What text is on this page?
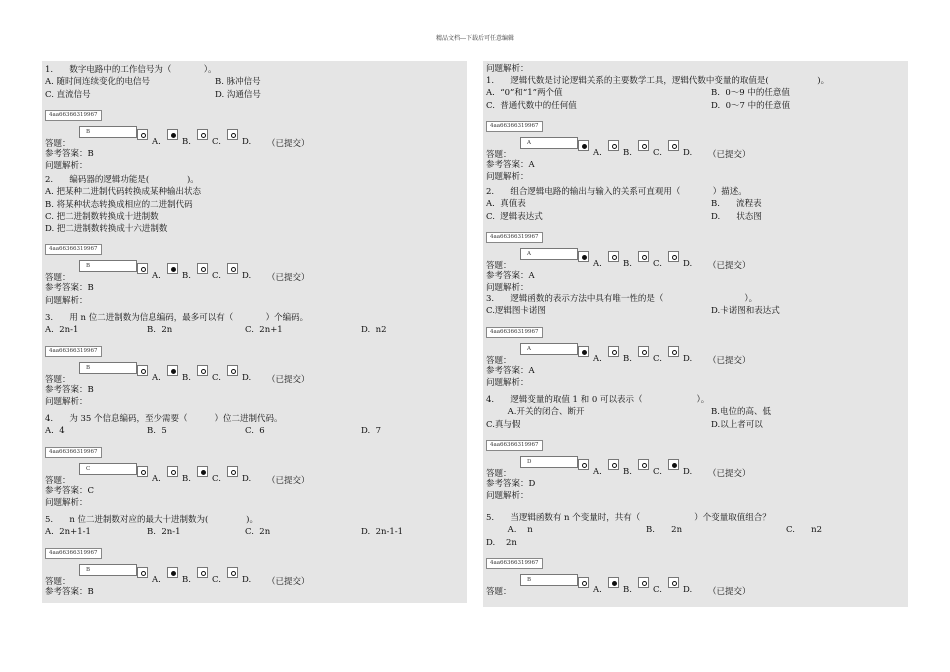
精品文档---下载后可任意编辑
1.      数字电路中的工作信号为（            ）。
A. 随时间连续变化的电信号	B. 脉冲信号
C. 直流信号	D. 沟通信号
4aa66366319967
答题：
B
A. B. C. D. （已提交）
参考答案：B
问题解析：
2.      编码器的逻辑功能是(              )。
A. 把某种二进制代码转换成某种输出状态
B. 将某种状态转换成相应的二进制代码
C. 把二进制数转换成十进制数
D. 把二进制数转换成十六进制数
4aa66366319967
答题：
B
A. B. C. D. （已提交）
参考答案：B
问题解析：
3.      用 n 位二进制数为信息编码，最多可以有（            ）个编码。
A.  2n-1	B.  2n	C.  2n+1	D.  n2
4aa66366319967
答题：
B
A. B. C. D. （已提交）
参考答案：B
问题解析：
4.      为 35 个信息编码，至少需要（          ）位二进制代码。
A.  4	B.  5	C.  6	D.  7
4aa66366319967
答题：
C
A. B. C. D. （已提交）
参考答案：C
问题解析：
5.      n 位二进制数对应的最大十进制数为(              )。
A.  2n+1-1	B.  2n-1	C.  2n	D.  2n-1-1
4aa66366319967
答题：
B
A. B. C. D. （已提交）
参考答案：B
问题解析：
1.      逻辑代数是讨论逻辑关系的主要数学工具，逻辑代数中变量的取值是(                  )。
A.  “0”和“1”两个值	B.  0～9 中的任意值
C.  普通代数中的任何值	D.  0～7 中的任意值
4aa66366319967
答题：
A
A. B. C. D. （已提交）
参考答案：A
问题解析：
2.      组合逻辑电路的输出与输入的关系可直观用（            ）描述。
A.  真值表	B.      流程表
C.  逻辑表达式	D.      状态图
4aa66366319967
答题：
A
A. B. C. D. （已提交）
参考答案：A
问题解析：
3.      逻辑函数的表示方法中具有唯一性的是（                              ）。
C.逻辑图卡诺图	D.卡诺图和表达式
4aa66366319967
答题：
A
A. B. C. D. （已提交）
参考答案：A
问题解析：
4.      逻辑变量的取值 1 和 0 可以表示（                    ）。
A.开关的闭合、断开	B.电位的高、低
C.真与假	D.以上者可以
4aa66366319967
答题：
D
A. B. C. D. （已提交）
参考答案：D
问题解析：
5.      当逻辑函数有 n 个变量时，共有（                    ）个变量取值组合？
A.    n	B.      2n	C.      n2
D.    2n
4aa66366319967
答题：
B
A. B. C. D. （已提交）
